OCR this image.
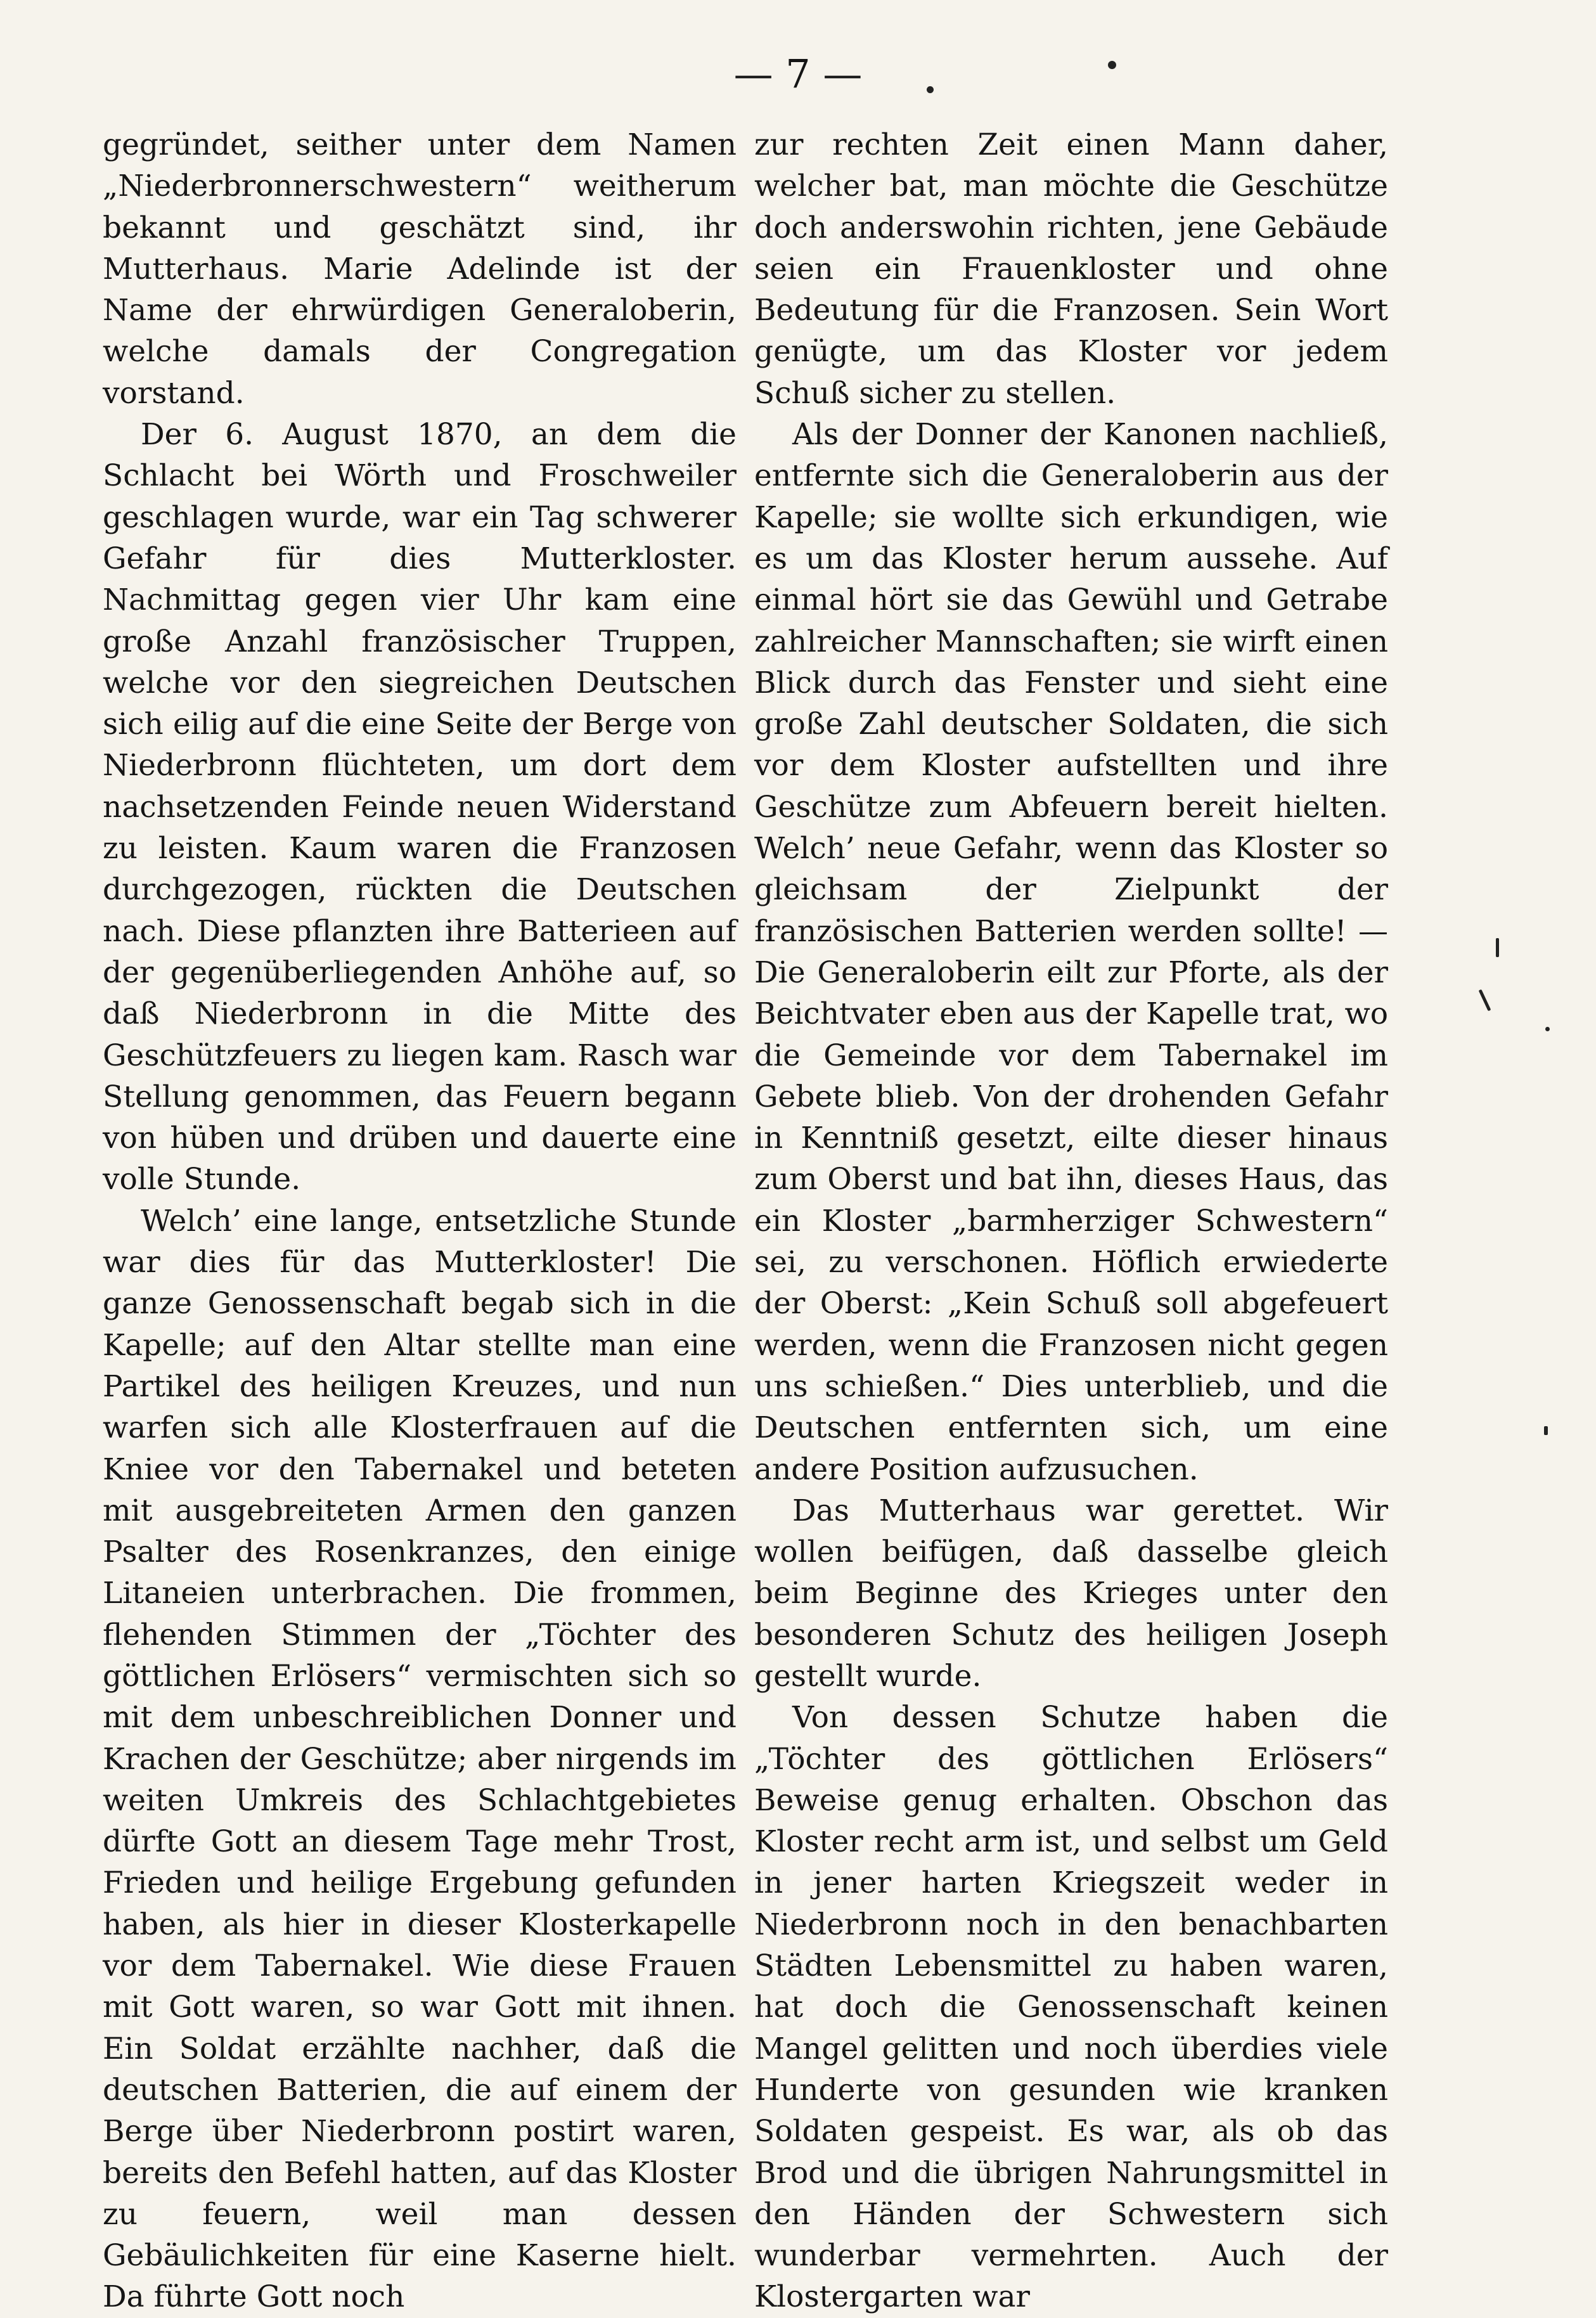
— 7 —

gegründet, seither unter dem Namen „Niederbronnerschwestern“ weitherum bekannt und geschätzt sind, ihr Mutterhaus. Marie Adelinde ist der Name der ehrwürdigen Generaloberin, welche damals der Congregation vorstand.

Der 6. August 1870, an dem die Schlacht bei Wörth und Froschweiler geschlagen wurde, war ein Tag schwerer Gefahr für dies Mutterkloster. Nachmittag gegen vier Uhr kam eine große Anzahl französischer Truppen, welche vor den siegreichen Deutschen sich eilig auf die eine Seite der Berge von Niederbronn flüchteten, um dort dem nachsetzenden Feinde neuen Widerstand zu leisten. Kaum waren die Franzosen durchgezogen, rückten die Deutschen nach. Diese pflanzten ihre Batterieen auf der gegenüberliegenden Anhöhe auf, so daß Niederbronn in die Mitte des Geschützfeuers zu liegen kam. Rasch war Stellung genommen, das Feuern begann von hüben und drüben und dauerte eine volle Stunde.

Welch’ eine lange, entsetzliche Stunde war dies für das Mutterkloster! Die ganze Genossenschaft begab sich in die Kapelle; auf den Altar stellte man eine Partikel des heiligen Kreuzes, und nun warfen sich alle Klosterfrauen auf die Kniee vor den Tabernakel und beteten mit ausgebreiteten Armen den ganzen Psalter des Rosenkranzes, den einige Litaneien unterbrachen. Die frommen, flehenden Stimmen der „Töchter des göttlichen Erlösers“ vermischten sich so mit dem unbeschreiblichen Donner und Krachen der Geschütze; aber nirgends im weiten Umkreis des Schlachtgebietes dürfte Gott an diesem Tage mehr Trost, Frieden und heilige Ergebung gefunden haben, als hier in dieser Klosterkapelle vor dem Tabernakel. Wie diese Frauen mit Gott waren, so war Gott mit ihnen. Ein Soldat erzählte nachher, daß die deutschen Batterien, die auf einem der Berge über Niederbronn postirt waren, bereits den Befehl hatten, auf das Kloster zu feuern, weil man dessen Gebäulichkeiten für eine Kaserne hielt. Da führte Gott noch

zur rechten Zeit einen Mann daher, welcher bat, man möchte die Geschütze doch anderswohin richten, jene Gebäude seien ein Frauenkloster und ohne Bedeutung für die Franzosen. Sein Wort genügte, um das Kloster vor jedem Schuß sicher zu stellen.

Als der Donner der Kanonen nachließ, entfernte sich die Generaloberin aus der Kapelle; sie wollte sich erkundigen, wie es um das Kloster herum aussehe. Auf einmal hört sie das Gewühl und Getrabe zahlreicher Mannschaften; sie wirft einen Blick durch das Fenster und sieht eine große Zahl deutscher Soldaten, die sich vor dem Kloster aufstellten und ihre Geschütze zum Abfeuern bereit hielten. Welch’ neue Gefahr, wenn das Kloster so gleichsam der Zielpunkt der französischen Batterien werden sollte! — Die Generaloberin eilt zur Pforte, als der Beichtvater eben aus der Kapelle trat, wo die Gemeinde vor dem Tabernakel im Gebete blieb. Von der drohenden Gefahr in Kenntniß gesetzt, eilte dieser hinaus zum Oberst und bat ihn, dieses Haus, das ein Kloster „barmherziger Schwestern“ sei, zu verschonen. Höflich erwiederte der Oberst: „Kein Schuß soll abgefeuert werden, wenn die Franzosen nicht gegen uns schießen.“ Dies unterblieb, und die Deutschen entfernten sich, um eine andere Position aufzusuchen.

Das Mutterhaus war gerettet. Wir wollen beifügen, daß dasselbe gleich beim Beginne des Krieges unter den besonderen Schutz des heiligen Joseph gestellt wurde.

Von dessen Schutze haben die „Töchter des göttlichen Erlösers“ Beweise genug erhalten. Obschon das Kloster recht arm ist, und selbst um Geld in jener harten Kriegszeit weder in Niederbronn noch in den benachbarten Städten Lebensmittel zu haben waren, hat doch die Genossenschaft keinen Mangel gelitten und noch überdies viele Hunderte von gesunden wie kranken Soldaten gespeist. Es war, als ob das Brod und die übrigen Nahrungsmittel in den Händen der Schwestern sich wunderbar vermehrten. Auch der Klostergarten war
